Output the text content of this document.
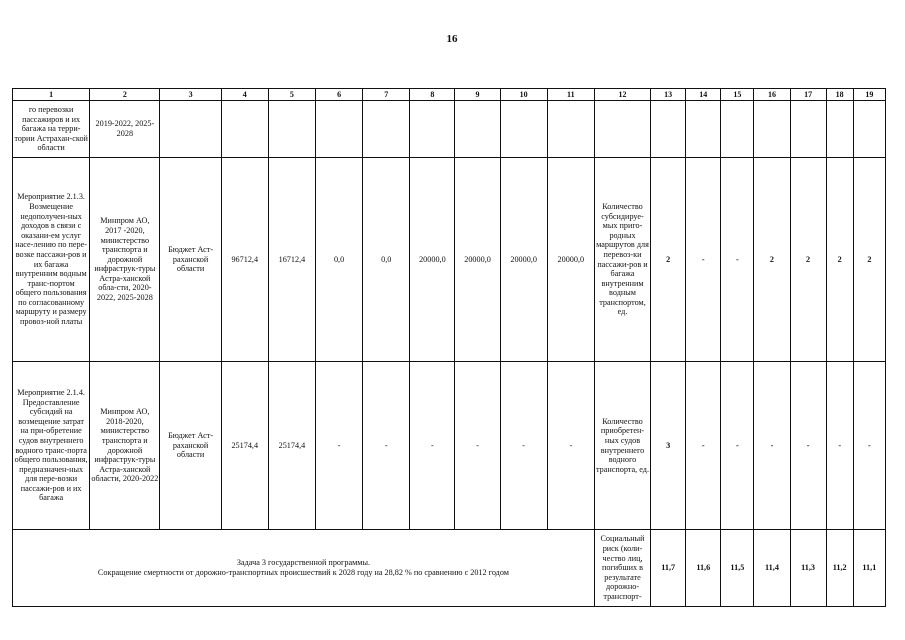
16
1	2	3	4	5	6	7	8	9	10	11	12	13	14	15	16	17	18	19
го перевозки пассажиров и их багажа на терри-тории Астрахан-ской области	2019-2022, 2025-2028																	
Мероприятие 2.1.3. Возмещение недополучен-ных доходов в связи с оказани-ем услуг насе-лению по пере-возке пассажи-ров и их багажа внутренним водным транс-портом общего пользования по согласованному маршруту и размеру провоз-ной платы	Минпром АО, 2017 -2020, министерство транспорта и дорожной инфраструк-туры Астра-ханской обла-сти, 2020-2022, 2025-2028	Бюджет Аст-раханской области	96712,4	16712,4	0,0	0,0	20000,0	20000,0	20000,0	20000,0	Количество субсидируе-мых приго-родных маршрутов для перевоз-ки пассажи-ров и багажа внутренним водным транспортом, ед.	2	-	-	2	2	2	2
Мероприятие 2.1.4. Предоставление субсидий на возмещение затрат на при-обретение судов внутреннего водного транс-порта общего пользования, предназначен-ных для пере-возки пассажи-ров и их багажа	Минпром АО, 2018-2020, министерство транспорта и дорожной инфраструк-туры Астра-ханской области, 2020-2022	Бюджет Аст-раханской области	25174,4	25174,4	-	-	-	-	-	-	Количество приобретен-ных судов внутреннего водного транспорта, ед.	3	-	-	-	-	-	-

Задача 3 государственной программы.
Сокращение смертности от дорожно-транспортных происшествий к 2028 году на 28,82 % по сравнению с 2012 годом											Социальный риск (коли-чество лиц, погибших в результате дорожно-транспорт-	11,7	11,6	11,5	11,4	11,3	11,2	11,1
